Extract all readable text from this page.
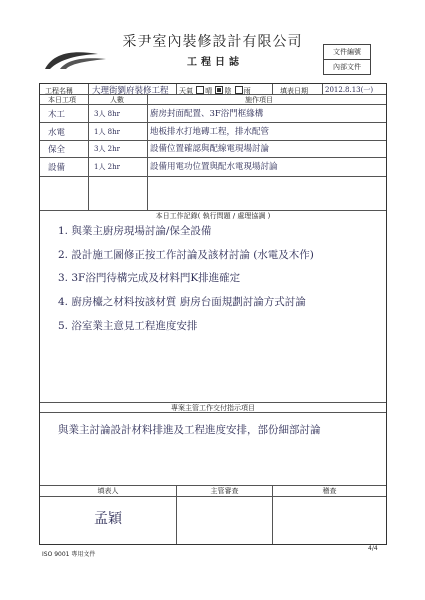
采尹室內裝修設計有限公司
工程日誌
文件編號
內部文件
工程名稱 大理街劉府裝修工程 天氣 晴 陰 雨	填表日期 2012.8.13(一)
本日工項	人數	施作項目
木工	3人 8hr	廚房封面配置、3F浴門框緣構
水電	1人 8hr	地板排水打地磚工程，排水配管
保全	3人 2hr	設備位置確認與配線電現場討論
設備	1人 2hr	設備用電功位置與配水電現場討論
本日工作記錄( 執行問題 / 處理協調 )
1. 與業主廚房現場討論/保全設備
2. 設計施工圖修正按工作討論及該材討論 (水電及木作)
3. 3F浴門待構完成及材料門K排進確定
4. 廚房檯之材料按該材質 廚房台面規劃討論方式討論
5. 浴室業主意見工程進度安排
專案主管工作交付指示項目
與業主討論設計材料排進及工程進度安排，部份細部討論
填表人	主管審查	稽查
孟穎
ISO 9001 專用文件
4/4
